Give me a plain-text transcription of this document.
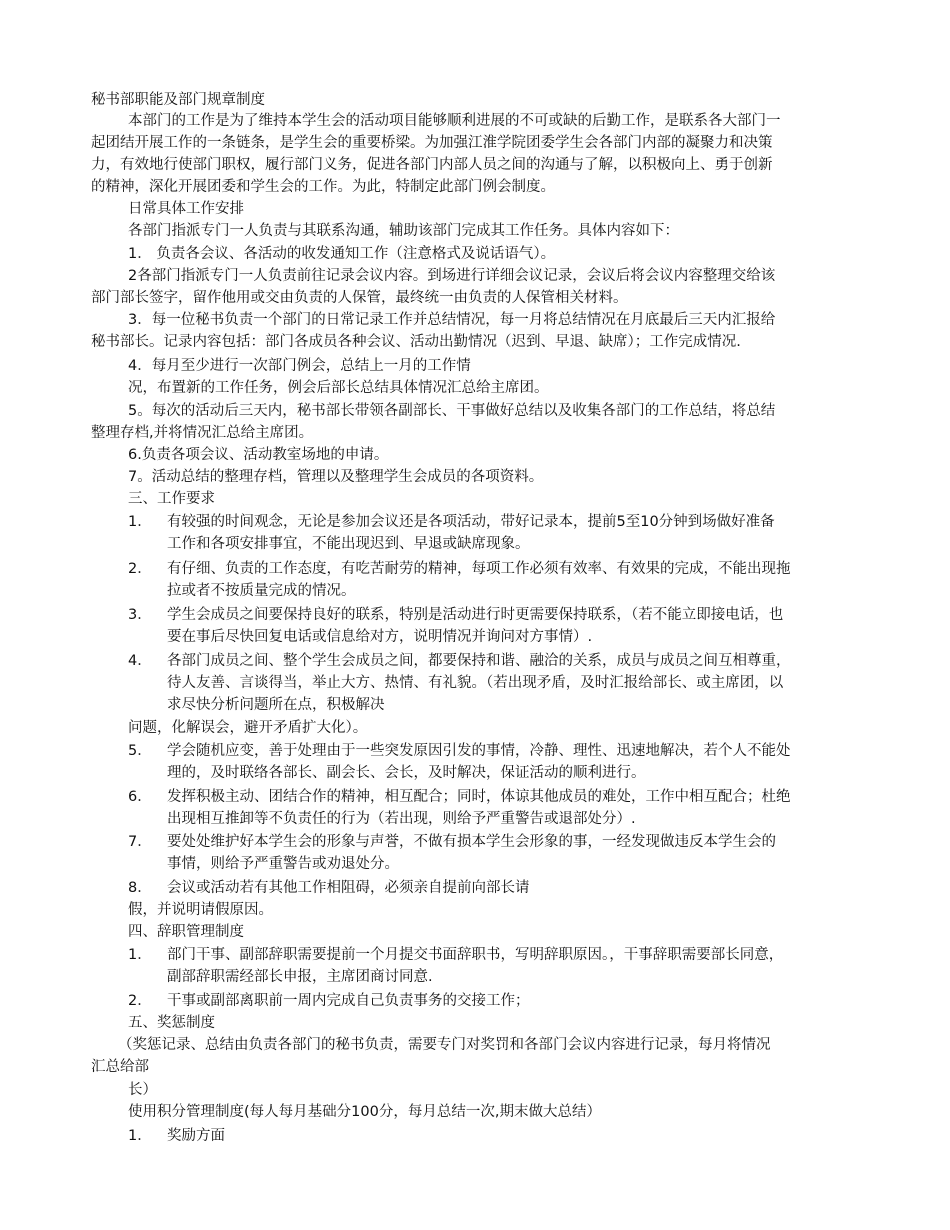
秘书部职能及部门规章制度
本部门的工作是为了维持本学生会的活动项目能够顺利进展的不可或缺的后勤工作，是联系各大部门一
起团结开展工作的一条链条，是学生会的重要桥梁。为加强江淮学院团委学生会各部门内部的凝聚力和决策
力，有效地行使部门职权，履行部门义务，促进各部门内部人员之间的沟通与了解，以积极向上、勇于创新
的精神，深化开展团委和学生会的工作。为此，特制定此部门例会制度。
日常具体工作安排
各部门指派专门一人负责与其联系沟通，辅助该部门完成其工作任务。具体内容如下：
1． 负责各会议、各活动的收发通知工作（注意格式及说话语气）。
2各部门指派专门一人负责前往记录会议内容。到场进行详细会议记录，会议后将会议内容整理交给该
部门部长签字，留作他用或交由负责的人保管，最终统一由负责的人保管相关材料。
3．每一位秘书负责一个部门的日常记录工作并总结情况，每一月将总结情况在月底最后三天内汇报给
秘书部长。记录内容包括：部门各成员各种会议、活动出勤情况（迟到、早退、缺席）；工作完成情况.
4．每月至少进行一次部门例会，总结上一月的工作情
况，布置新的工作任务，例会后部长总结具体情况汇总给主席团。
5。每次的活动后三天内，秘书部长带领各副部长、干事做好总结以及收集各部门的工作总结，将总结
整理存档,并将情况汇总给主席团。
6.负责各项会议、活动教室场地的申请。
7。活动总结的整理存档，管理以及整理学生会成员的各项资料。
三、工作要求
1． 有较强的时间观念，无论是参加会议还是各项活动，带好记录本，提前5至10分钟到场做好准备
工作和各项安排事宜，不能出现迟到、早退或缺席现象。
2． 有仔细、负责的工作态度，有吃苦耐劳的精神，每项工作必须有效率、有效果的完成，不能出现拖
拉或者不按质量完成的情况。
3． 学生会成员之间要保持良好的联系，特别是活动进行时更需要保持联系，（若不能立即接电话，也
要在事后尽快回复电话或信息给对方，说明情况并询问对方事情）.
4． 各部门成员之间、整个学生会成员之间，都要保持和谐、融洽的关系，成员与成员之间互相尊重，
待人友善、言谈得当，举止大方、热情、有礼貌。（若出现矛盾，及时汇报给部长、或主席团，以
求尽快分析问题所在点，积极解决
问题，化解误会，避开矛盾扩大化）。
5． 学会随机应变，善于处理由于一些突发原因引发的事情，冷静、理性、迅速地解决，若个人不能处
理的，及时联络各部长、副会长、会长，及时解决，保证活动的顺利进行。
6． 发挥积极主动、团结合作的精神，相互配合；同时，体谅其他成员的难处，工作中相互配合；杜绝
出现相互推卸等不负责任的行为（若出现，则给予严重警告或退部处分）.
7． 要处处维护好本学生会的形象与声誉，不做有损本学生会形象的事，一经发现做违反本学生会的
事情，则给予严重警告或劝退处分。
8． 会议或活动若有其他工作相阻碍，必须亲自提前向部长请
假，并说明请假原因。
四、辞职管理制度
1． 部门干事、副部辞职需要提前一个月提交书面辞职书，写明辞职原因。，干事辞职需要部长同意，
副部辞职需经部长申报，主席团商讨同意.
2． 干事或副部离职前一周内完成自己负责事务的交接工作；
五、奖惩制度
（奖惩记录、总结由负责各部门的秘书负责，需要专门对奖罚和各部门会议内容进行记录，每月将情况
汇总给部
长）
使用积分管理制度(每人每月基础分100分，每月总结一次,期末做大总结）
1． 奖励方面
